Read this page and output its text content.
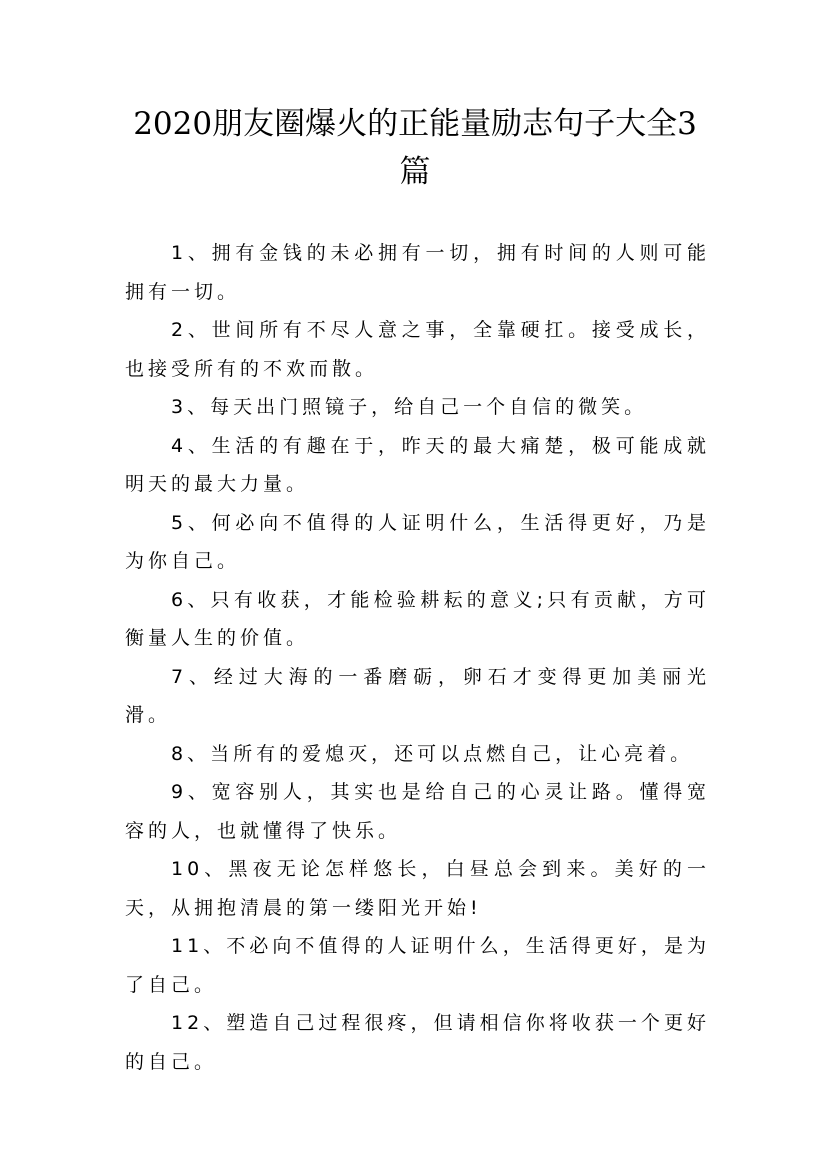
2020朋友圈爆火的正能量励志句子大全3篇

1、拥有金钱的未必拥有一切，拥有时间的人则可能拥有一切。

2、世间所有不尽人意之事，全靠硬扛。接受成长，也接受所有的不欢而散。

3、每天出门照镜子，给自己一个自信的微笑。

4、生活的有趣在于，昨天的最大痛楚，极可能成就明天的最大力量。

5、何必向不值得的人证明什么，生活得更好，乃是为你自己。

6、只有收获，才能检验耕耘的意义;只有贡献，方可衡量人生的价值。

7、经过大海的一番磨砺，卵石才变得更加美丽光滑。

8、当所有的爱熄灭，还可以点燃自己，让心亮着。

9、宽容别人，其实也是给自己的心灵让路。懂得宽容的人，也就懂得了快乐。

10、黑夜无论怎样悠长，白昼总会到来。美好的一天，从拥抱清晨的第一缕阳光开始!

11、不必向不值得的人证明什么，生活得更好，是为了自己。

12、塑造自己过程很疼，但请相信你将收获一个更好的自己。
